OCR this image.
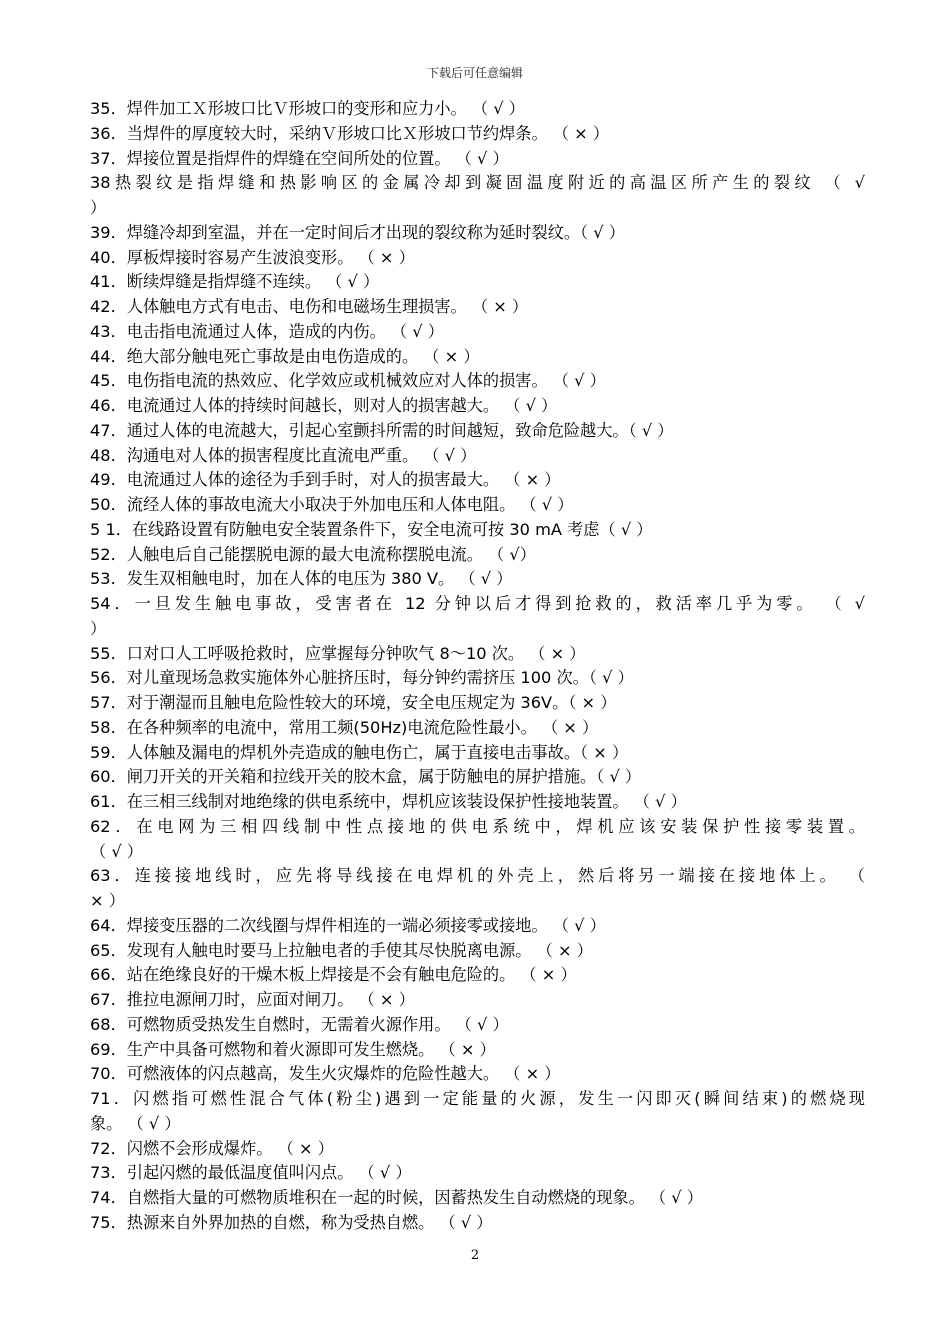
下载后可任意编辑
35．焊件加工Ｘ形坡口比Ｖ形坡口的变形和应力小。 （ √ ）
36．当焊件的厚度较大时，采纳Ｖ形坡口比Ｘ形坡口节约焊条。 （ × ）
37．焊接位置是指焊件的焊缝在空间所处的位置。 （ √ ）
38热裂纹是指焊缝和热影响区的金属冷却到凝固温度附近的高温区所产生的裂纹 （ √
）
39．焊缝冷却到室温，并在一定时间后才出现的裂纹称为延时裂纹。（ √ ）
40．厚板焊接时容易产生波浪变形。 （ × ）
41．断续焊缝是指焊缝不连续。 （ √ ）
42．人体触电方式有电击、电伤和电磁场生理损害。 （ × ）
43．电击指电流通过人体，造成的内伤。 （ √ ）
44．绝大部分触电死亡事故是由电伤造成的。 （ × ）
45．电伤指电流的热效应、化学效应或机械效应对人体的损害。 （ √ ）
46．电流通过人体的持续时间越长，则对人的损害越大。 （ √ ）
47．通过人体的电流越大，引起心室颤抖所需的时间越短，致命危险越大。（ √ ）
48．沟通电对人体的损害程度比直流电严重。 （ √ ）
49．电流通过人体的途径为手到手时，对人的损害最大。 （ × ）
50．流经人体的事故电流大小取决于外加电压和人体电阻。 （ √ ）
5 1．在线路设置有防触电安全装置条件下，安全电流可按 30 mA 考虑（ √ ）
52．人触电后自己能摆脱电源的最大电流称摆脱电流。 （ √）
53．发生双相触电时，加在人体的电压为 380 V。 （ √ ）
54．一旦发生触电事故，受害者在 12 分钟以后才得到抢救的，救活率几乎为零。 （ √
）
55．口对口人工呼吸抢救时，应掌握每分钟吹气 8～10 次。 （ × ）
56．对儿童现场急救实施体外心脏挤压时，每分钟约需挤压 100 次。（ √ ）
57．对于潮湿而且触电危险性较大的环境，安全电压规定为 36V。（ × ）
58．在各种频率的电流中，常用工频(50Hz)电流危险性最小。 （ × ）
59．人体触及漏电的焊机外壳造成的触电伤亡，属于直接电击事故。（ × ）
60．闸刀开关的开关箱和拉线开关的胶木盒，属于防触电的屏护措施。（ √ ）
61．在三相三线制对地绝缘的供电系统中，焊机应该装设保护性接地装置。 （ √ ）
62．在电网为三相四线制中性点接地的供电系统中，焊机应该安装保护性接零装置。
（ √ ）
63．连接接地线时，应先将导线接在电焊机的外壳上，然后将另一端接在接地体上。 （
× ）
64．焊接变压器的二次线圈与焊件相连的一端必须接零或接地。 （ √ ）
65．发现有人触电时要马上拉触电者的手使其尽快脱离电源。 （ × ）
66．站在绝缘良好的干燥木板上焊接是不会有触电危险的。 （ × ）
67．推拉电源闸刀时，应面对闸刀。 （ × ）
68．可燃物质受热发生自燃时，无需着火源作用。 （ √ ）
69．生产中具备可燃物和着火源即可发生燃烧。 （ × ）
70．可燃液体的闪点越高，发生火灾爆炸的危险性越大。 （ × ）
71．闪燃指可燃性混合气体(粉尘)遇到一定能量的火源，发生一闪即灭(瞬间结束)的燃烧现
象。 （ √ ）
72．闪燃不会形成爆炸。 （ × ）
73．引起闪燃的最低温度值叫闪点。 （ √ ）
74．自燃指大量的可燃物质堆积在一起的时候，因蓄热发生自动燃烧的现象。 （ √ ）
75．热源来自外界加热的自燃，称为受热自燃。 （ √ ）
2
